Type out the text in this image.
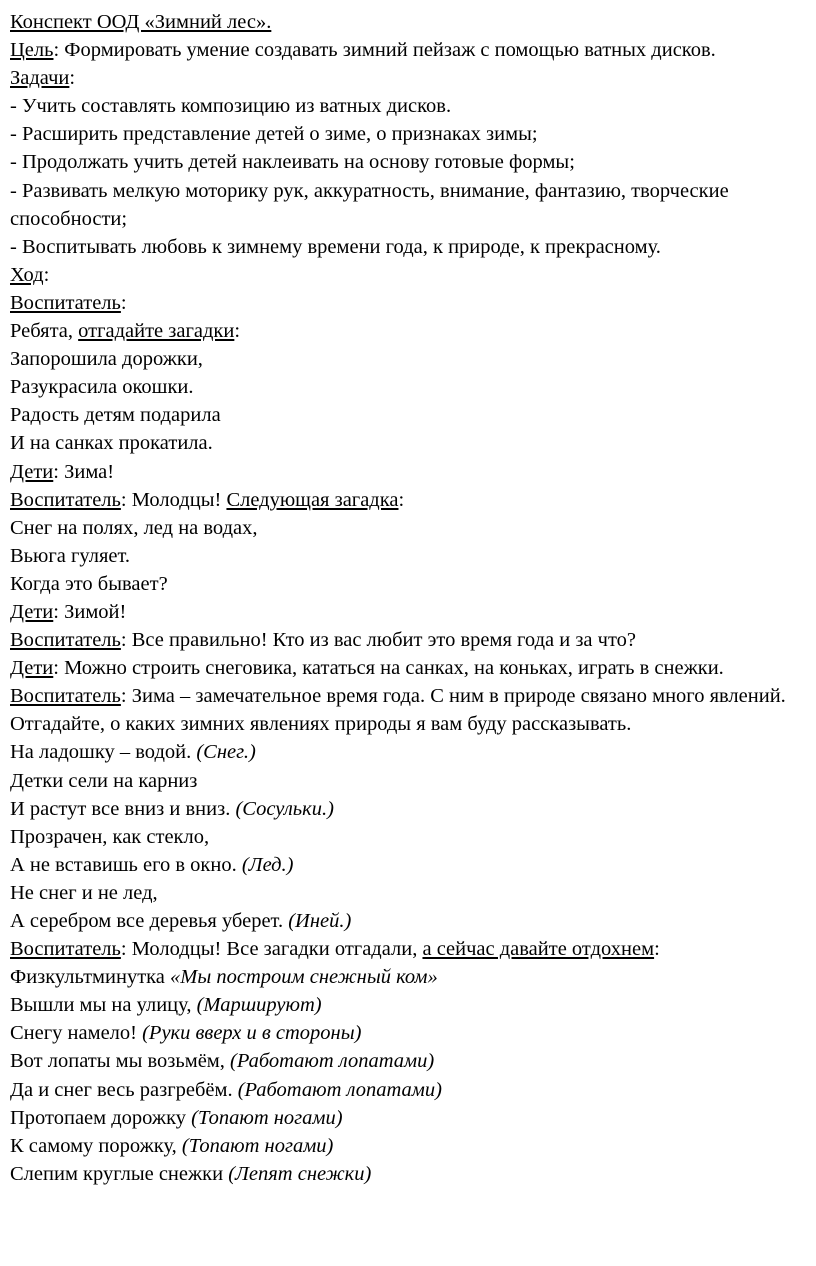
Конспект ООД «Зимний лес».

Цель: Формировать умение создавать зимний пейзаж с помощью ватных дисков.

Задачи:

- Учить составлять композицию из ватных дисков.

- Расширить представление детей о зиме, о признаках зимы;

- Продолжать учить детей наклеивать на основу готовые формы;

- Развивать мелкую моторику рук, аккуратность, внимание, фантазию, творческие способности;

- Воспитывать любовь к зимнему времени года, к природе, к прекрасному.

Ход:

Воспитатель:

Ребята, отгадайте загадки:

Запорошила дорожки,

Разукрасила окошки.

Радость детям подарила

И на санках прокатила.

Дети: Зима!

Воспитатель: Молодцы! Следующая загадка:

Снег на полях, лед на водах,

Вьюга гуляет.

Когда это бывает?

Дети: Зимой!

Воспитатель: Все правильно! Кто из вас любит это время года и за что?

Дети: Можно строить снеговика, кататься на санках, на коньках, играть в снежки.

Воспитатель: Зима – замечательное время года. С ним в природе связано много явлений. Отгадайте, о каких зимних явлениях природы я вам буду рассказывать.

На ладошку – водой. (Снег.)

Детки сели на карниз

И растут все вниз и вниз. (Сосульки.)

Прозрачен, как стекло,

А не вставишь его в окно. (Лед.)

Не снег и не лед,

А серебром все деревья уберет. (Иней.)

Воспитатель: Молодцы! Все загадки отгадали, а сейчас давайте отдохнем:

Физкультминутка «Мы построим снежный ком»

Вышли мы на улицу, (Маршируют)

Снегу намело! (Руки вверх и в стороны)

Вот лопаты мы возьмём, (Работают лопатами)

Да и снег весь разгребём. (Работают лопатами)

Протопаем дорожку (Топают ногами)

К самому порожку, (Топают ногами)

Слепим круглые снежки (Лепят снежки)
